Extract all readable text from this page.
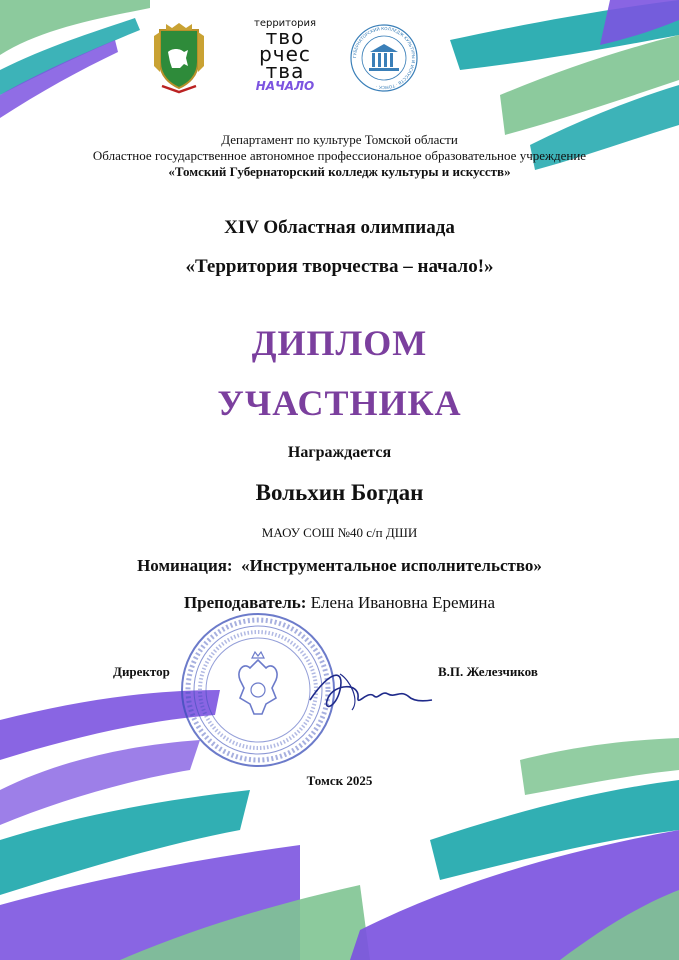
территория
тво
рчес
тва
НАЧАЛО
ГУБЕРНАТОРСКИЙ КОЛЛЕДЖ КУЛЬТУРЫ И ИСКУССТВ · ТОМСК ·
Департамент по культуре Томской области
Областное государственное автономное профессиональное образовательное учреждение
«Томский Губернаторский колледж культуры и искусств»
XIV Областная олимпиада
«Территория творчества – начало!»
ДИПЛОМ
УЧАСТНИКА
Награждается
Вольхин Богдан
МАОУ СОШ №40 с/п ДШИ
Номинация: «Инструментальное исполнительство»
Преподаватель: Елена Ивановна Еремина
Директор	В.П. Железчиков
Томск 2025
